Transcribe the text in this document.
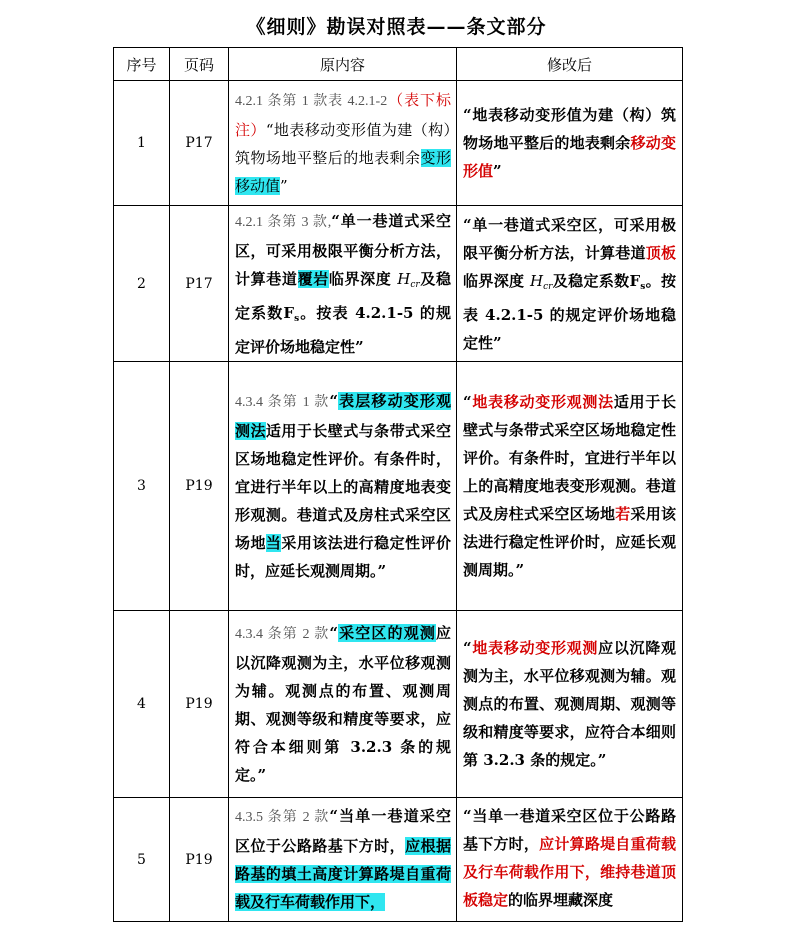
《细则》勘误对照表——条文部分
序号	页码	原内容	修改后
1	P17	4.2.1 条第 1 款表 4.2.1-2（表下标注）“地表移动变形值为建（构）筑物场地平整后的地表剩余变形移动值”	“地表移动变形值为建（构）筑物场地平整后的地表剩余移动变形值”
2	P17	4.2.1 条第 3 款,“单一巷道式采空区，可采用极限平衡分析方法，计算巷道覆岩临界深度 $H_{cr}$及稳定系数$F_s$。按表 4.2.1-5 的规定评价场地稳定性”	“单一巷道式采空区，可采用极限平衡分析方法，计算巷道顶板临界深度 $H_{cr}$及稳定系数$F_s$。按表 4.2.1-5 的规定评价场地稳定性”
3	P19	4.3.4 条第 1 款“表层移动变形观测法适用于长壁式与条带式采空区场地稳定性评价。有条件时，宜进行半年以上的高精度地表变形观测。巷道式及房柱式采空区场地当采用该法进行稳定性评价时，应延长观测周期。”	“地表移动变形观测法适用于长壁式与条带式采空区场地稳定性评价。有条件时，宜进行半年以上的高精度地表变形观测。巷道式及房柱式采空区场地若采用该法进行稳定性评价时，应延长观测周期。”
4	P19	4.3.4 条第 2 款“采空区的观测应以沉降观测为主，水平位移观测为辅。观测点的布置、观测周期、观测等级和精度等要求，应符合本细则第 3.2.3 条的规定。”	“地表移动变形观测应以沉降观测为主，水平位移观测为辅。观测点的布置、观测周期、观测等级和精度等要求，应符合本细则第 3.2.3 条的规定。”
5	P19	4.3.5 条第 2 款“当单一巷道采空区位于公路路基下方时，应根据路基的填土高度计算路堤自重荷载及行车荷载作用下，	“当单一巷道采空区位于公路路基下方时，应计算路堤自重荷载及行车荷载作用下，维持巷道顶板稳定的临界埋藏深度
